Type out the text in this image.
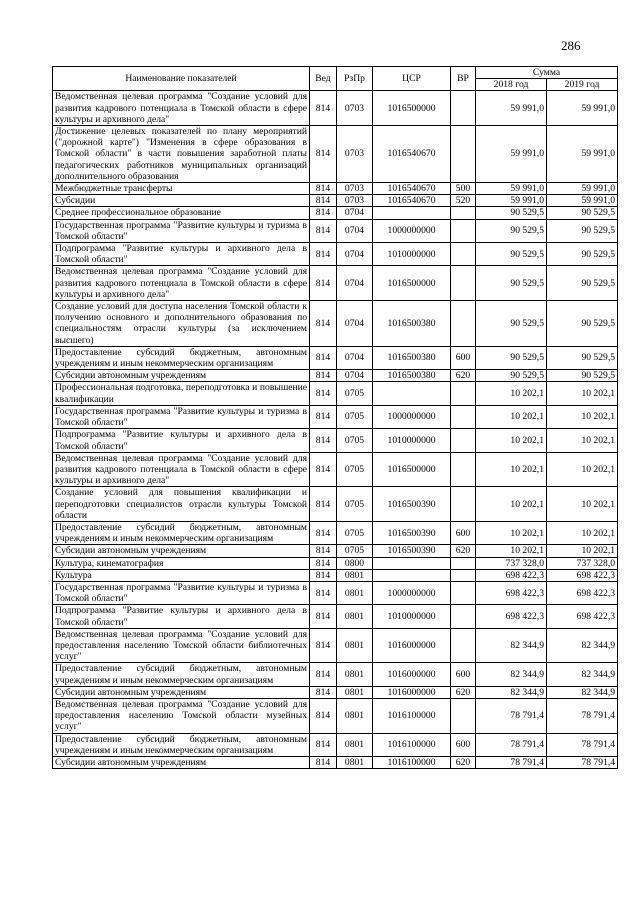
286
Наименование показателей	Вед	РзПр	ЦСР	ВР	Сумма	
					2018 год	2019 год
Ведомственная целевая программа "Создание условий для развития кадрового потенциала в Томской области в сфере культуры и архивного дела"	814	0703	1016500000		59 991,0	59 991,0
Достижение целевых показателей по плану мероприятий ("дорожной карте") "Изменения в сфере образования в Томской области" в части повышения заработной платы педагогических работников муниципальных организаций дополнительного образования	814	0703	1016540670		59 991,0	59 991,0
Межбюджетные трансферты	814	0703	1016540670	500	59 991,0	59 991,0
Субсидии	814	0703	1016540670	520	59 991,0	59 991,0
Среднее профессиональное образование	814	0704			90 529,5	90 529,5
Государственная программа "Развитие культуры и туризма в Томской области"	814	0704	1000000000		90 529,5	90 529,5
Подпрограмма "Развитие культуры и архивного дела в Томской области"	814	0704	1010000000		90 529,5	90 529,5
Ведомственная целевая программа "Создание условий для развития кадрового потенциала в Томской области в сфере культуры и архивного дела"	814	0704	1016500000		90 529,5	90 529,5
Создание условий для доступа населения Томской области к получению основного и дополнительного образования по специальностям отрасли культуры (за исключением высшего)	814	0704	1016500380		90 529,5	90 529,5
Предоставление субсидий бюджетным, автономным учреждениям и иным некоммерческим организациям	814	0704	1016500380	600	90 529,5	90 529,5
Субсидии автономным учреждениям	814	0704	1016500380	620	90 529,5	90 529,5
Профессиональная подготовка, переподготовка и повышение квалификации	814	0705			10 202,1	10 202,1
Государственная программа "Развитие культуры и туризма в Томской области"	814	0705	1000000000		10 202,1	10 202,1
Подпрограмма "Развитие культуры и архивного дела в Томской области"	814	0705	1010000000		10 202,1	10 202,1
Ведомственная целевая программа "Создание условий для развития кадрового потенциала в Томской области в сфере культуры и архивного дела"	814	0705	1016500000		10 202,1	10 202,1
Создание условий для повышения квалификации и переподготовки специалистов отрасли культуры Томской области	814	0705	1016500390		10 202,1	10 202,1
Предоставление субсидий бюджетным, автономным учреждениям и иным некоммерческим организациям	814	0705	1016500390	600	10 202,1	10 202,1
Субсидии автономным учреждениям	814	0705	1016500390	620	10 202,1	10 202,1
Культура, кинематография	814	0800			737 328,0	737 328,0
Культура	814	0801			698 422,3	698 422,3
Государственная программа "Развитие культуры и туризма в Томской области"	814	0801	1000000000		698 422,3	698 422,3
Подпрограмма "Развитие культуры и архивного дела в Томской области"	814	0801	1010000000		698 422,3	698 422,3
Ведомственная целевая программа "Создание условий для предоставления населению Томской области библиотечных услуг"	814	0801	1016000000		82 344,9	82 344,9
Предоставление субсидий бюджетным, автономным учреждениям и иным некоммерческим организациям	814	0801	1016000000	600	82 344,9	82 344,9
Субсидии автономным учреждениям	814	0801	1016000000	620	82 344,9	82 344,9
Ведомственная целевая программа "Создание условий для предоставления населению Томской области музейных услуг"	814	0801	1016100000		78 791,4	78 791,4
Предоставление субсидий бюджетным, автономным учреждениям и иным некоммерческим организациям	814	0801	1016100000	600	78 791,4	78 791,4
Субсидии автономным учреждениям	814	0801	1016100000	620	78 791,4	78 791,4
